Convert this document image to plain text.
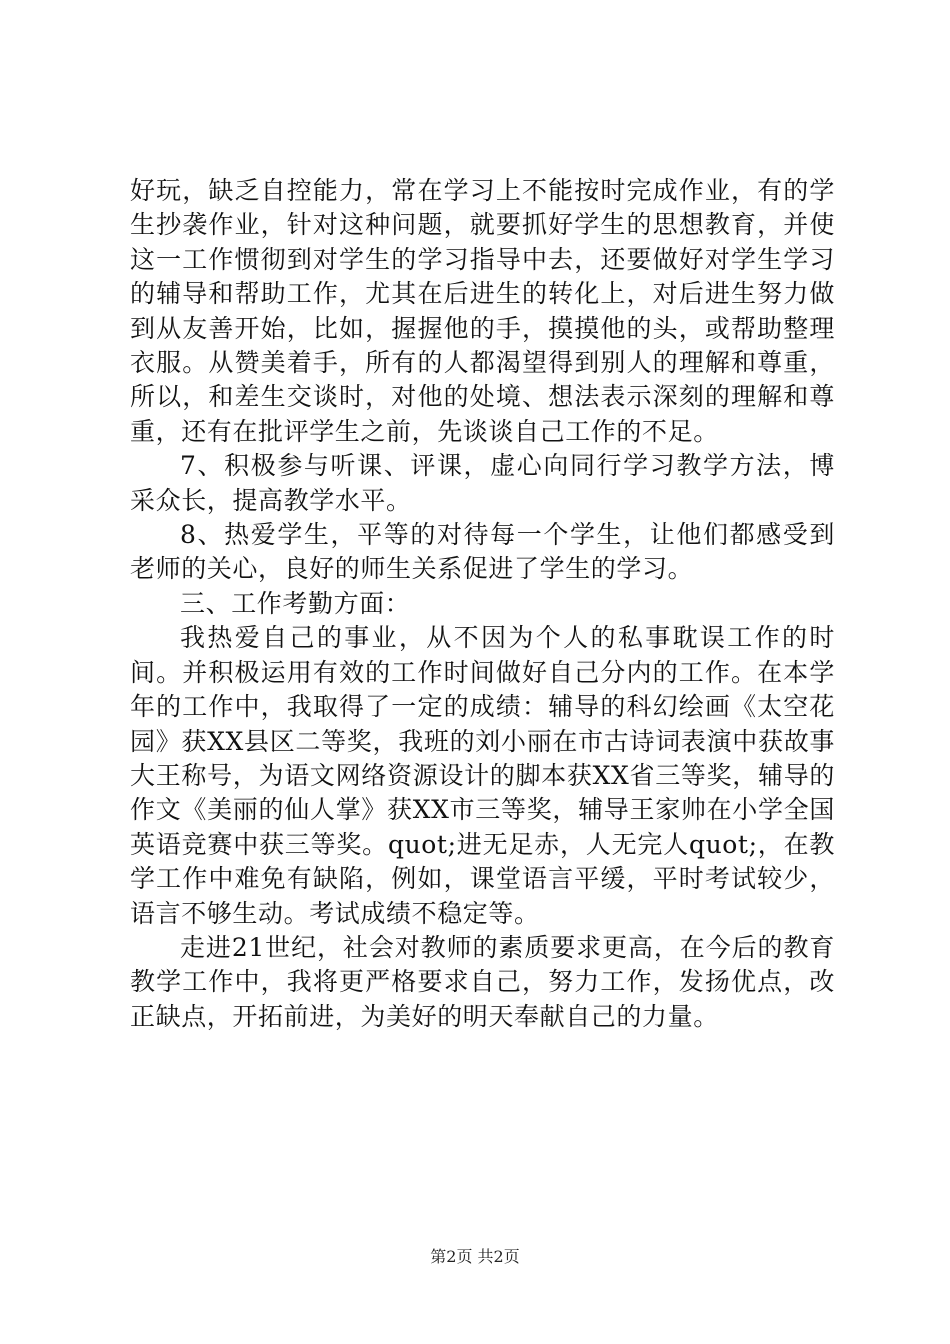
好玩，缺乏自控能力，常在学习上不能按时完成作业，有的学生抄袭作业，针对这种问题，就要抓好学生的思想教育，并使这一工作惯彻到对学生的学习指导中去，还要做好对学生学习的辅导和帮助工作，尤其在后进生的转化上，对后进生努力做到从友善开始，比如，握握他的手，摸摸他的头，或帮助整理衣服。从赞美着手，所有的人都渴望得到别人的理解和尊重，所以，和差生交谈时，对他的处境、想法表示深刻的理解和尊重，还有在批评学生之前，先谈谈自己工作的不足。

7、积极参与听课、评课，虚心向同行学习教学方法，博采众长，提高教学水平。

8、热爱学生，平等的对待每一个学生，让他们都感受到老师的关心，良好的师生关系促进了学生的学习。

三、工作考勤方面：

我热爱自己的事业，从不因为个人的私事耽误工作的时间。并积极运用有效的工作时间做好自己分内的工作。在本学年的工作中，我取得了一定的成绩：辅导的科幻绘画《太空花园》获XX县区二等奖，我班的刘小丽在市古诗词表演中获故事大王称号，为语文网络资源设计的脚本获XX省三等奖，辅导的作文《美丽的仙人掌》获XX市三等奖，辅导王家帅在小学全国英语竞赛中获三等奖。quot;进无足赤，人无完人quot;，在教学工作中难免有缺陷，例如，课堂语言平缓，平时考试较少，语言不够生动。考试成绩不稳定等。

走进21世纪，社会对教师的素质要求更高，在今后的教育教学工作中，我将更严格要求自己，努力工作，发扬优点，改正缺点，开拓前进，为美好的明天奉献自己的力量。

第2页 共2页
